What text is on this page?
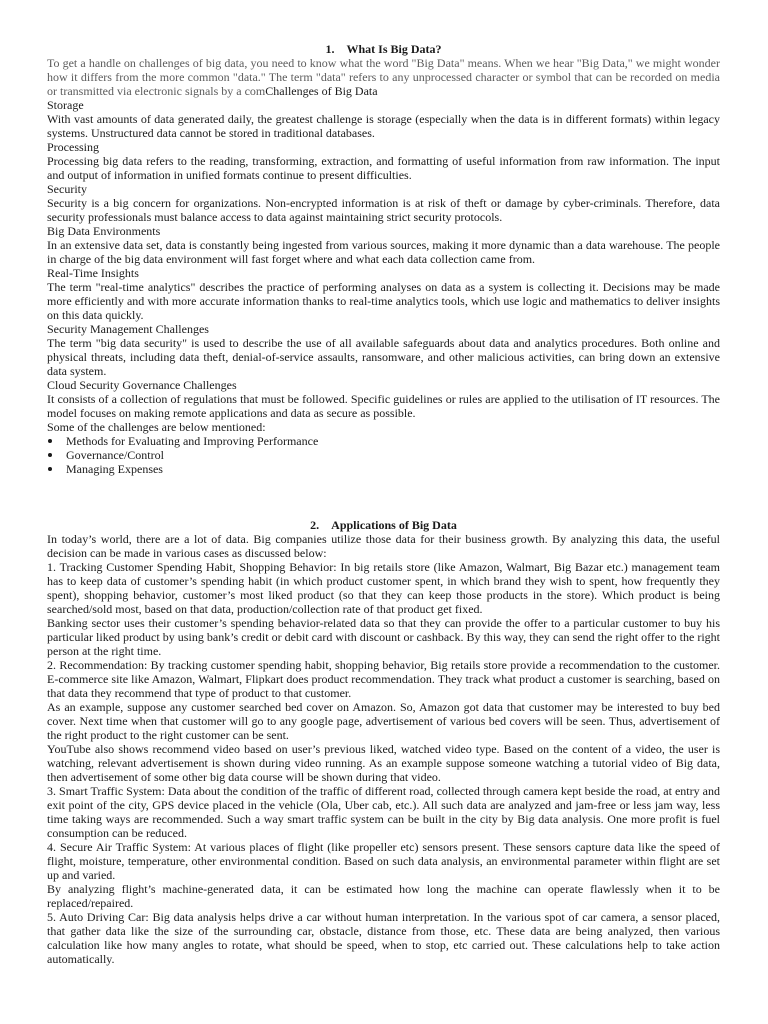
1. What Is Big Data?

To get a handle on challenges of big data, you need to know what the word "Big Data" means. When we hear "Big Data," we might wonder how it differs from the more common "data." The term "data" refers to any unprocessed character or symbol that can be recorded on media or transmitted via electronic signals by a comChallenges of Big Data

Storage

With vast amounts of data generated daily, the greatest challenge is storage (especially when the data is in different formats) within legacy systems. Unstructured data cannot be stored in traditional databases.

Processing

Processing big data refers to the reading, transforming, extraction, and formatting of useful information from raw information. The input and output of information in unified formats continue to present difficulties.

Security

Security is a big concern for organizations. Non-encrypted information is at risk of theft or damage by cyber-criminals. Therefore, data security professionals must balance access to data against maintaining strict security protocols.

Big Data Environments

In an extensive data set, data is constantly being ingested from various sources, making it more dynamic than a data warehouse. The people in charge of the big data environment will fast forget where and what each data collection came from.

Real-Time Insights

The term "real-time analytics" describes the practice of performing analyses on data as a system is collecting it. Decisions may be made more efficiently and with more accurate information thanks to real-time analytics tools, which use logic and mathematics to deliver insights on this data quickly.

Security Management Challenges

The term "big data security" is used to describe the use of all available safeguards about data and analytics procedures. Both online and physical threats, including data theft, denial-of-service assaults, ransomware, and other malicious activities, can bring down an extensive data system.

Cloud Security Governance Challenges

It consists of a collection of regulations that must be followed. Specific guidelines or rules are applied to the utilisation of IT resources. The model focuses on making remote applications and data as secure as possible.

Some of the challenges are below mentioned:

Methods for Evaluating and Improving Performance
Governance/Control
Managing Expenses
2. Applications of Big Data

In today’s world, there are a lot of data. Big companies utilize those data for their business growth. By analyzing this data, the useful decision can be made in various cases as discussed below:

1. Tracking Customer Spending Habit, Shopping Behavior: In big retails store (like Amazon, Walmart, Big Bazar etc.) management team has to keep data of customer’s spending habit (in which product customer spent, in which brand they wish to spent, how frequently they spent), shopping behavior, customer’s most liked product (so that they can keep those products in the store). Which product is being searched/sold most, based on that data, production/collection rate of that product get fixed.

Banking sector uses their customer’s spending behavior-related data so that they can provide the offer to a particular customer to buy his particular liked product by using bank’s credit or debit card with discount or cashback. By this way, they can send the right offer to the right person at the right time.

2. Recommendation: By tracking customer spending habit, shopping behavior, Big retails store provide a recommendation to the customer. E-commerce site like Amazon, Walmart, Flipkart does product recommendation. They track what product a customer is searching, based on that data they recommend that type of product to that customer.

As an example, suppose any customer searched bed cover on Amazon. So, Amazon got data that customer may be interested to buy bed cover. Next time when that customer will go to any google page, advertisement of various bed covers will be seen. Thus, advertisement of the right product to the right customer can be sent.

YouTube also shows recommend video based on user’s previous liked, watched video type. Based on the content of a video, the user is watching, relevant advertisement is shown during video running. As an example suppose someone watching a tutorial video of Big data, then advertisement of some other big data course will be shown during that video.

3. Smart Traffic System: Data about the condition of the traffic of different road, collected through camera kept beside the road, at entry and exit point of the city, GPS device placed in the vehicle (Ola, Uber cab, etc.). All such data are analyzed and jam-free or less jam way, less time taking ways are recommended. Such a way smart traffic system can be built in the city by Big data analysis. One more profit is fuel consumption can be reduced.

4. Secure Air Traffic System: At various places of flight (like propeller etc) sensors present. These sensors capture data like the speed of flight, moisture, temperature, other environmental condition. Based on such data analysis, an environmental parameter within flight are set up and varied.

By analyzing flight’s machine-generated data, it can be estimated how long the machine can operate flawlessly when it to be replaced/repaired.

5. Auto Driving Car: Big data analysis helps drive a car without human interpretation. In the various spot of car camera, a sensor placed, that gather data like the size of the surrounding car, obstacle, distance from those, etc. These data are being analyzed, then various calculation like how many angles to rotate, what should be speed, when to stop, etc carried out. These calculations help to take action automatically.
